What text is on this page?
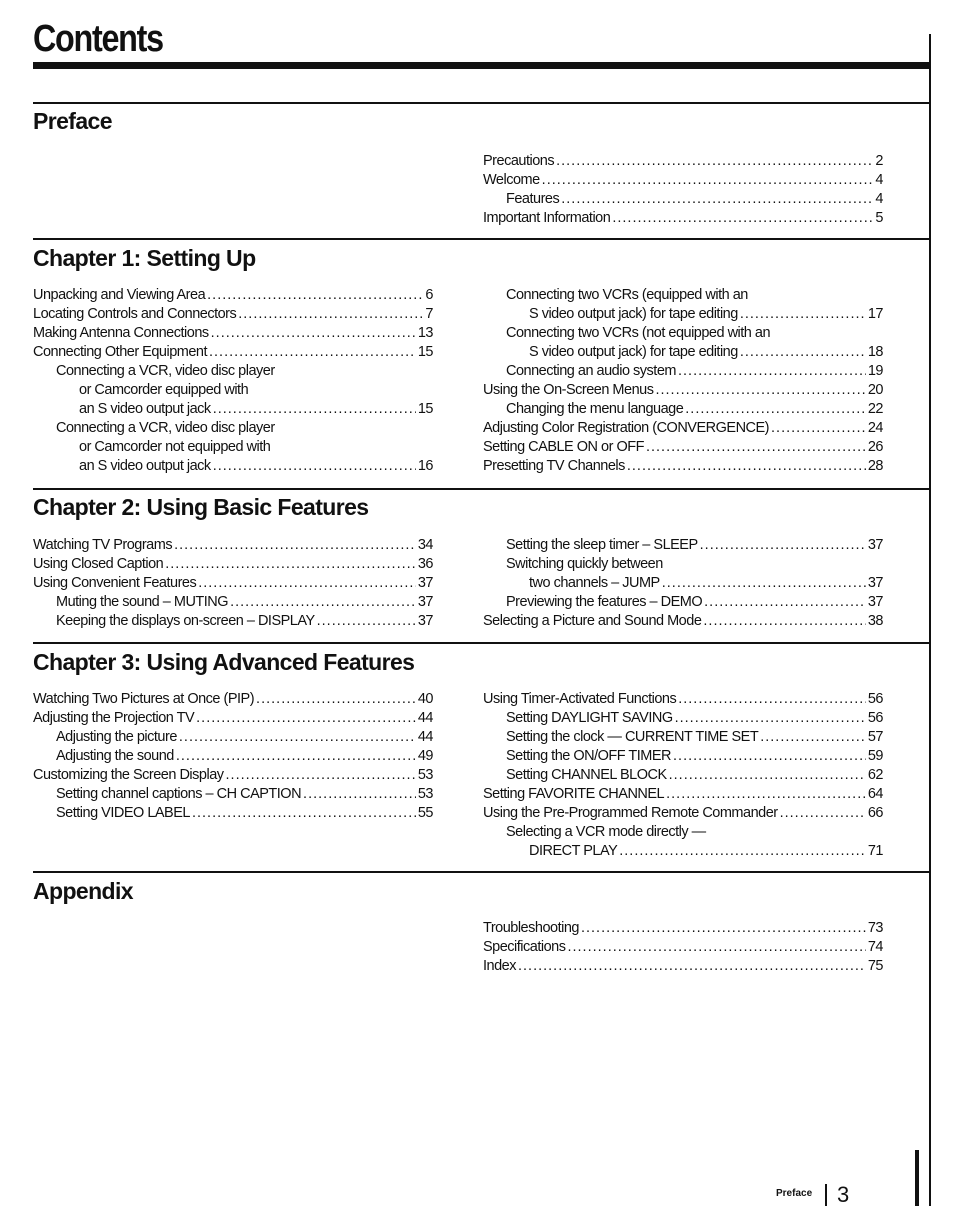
Contents
Preface
Precautions .....	2
Welcome .....	4
Features .....	4
Important Information .....	5
Chapter 1: Setting Up
Unpacking and Viewing Area .....	6
Locating Controls and Connectors .....	7
Making Antenna Connections .....	13
Connecting Other Equipment .....	15
Connecting a VCR, video disc player
or Camcorder equipped with
an S video output jack .....	15
Connecting a VCR, video disc player
or Camcorder not equipped with
an S video output jack .....	16
Connecting two VCRs (equipped with an
S video output jack) for tape editing .....	17
Connecting two VCRs (not equipped with an
S video output jack) for tape editing .....	18
Connecting an audio system .....	19
Using the On-Screen Menus .....	20
Changing the menu language .....	22
Adjusting Color Registration (CONVERGENCE) .....	24
Setting CABLE ON or OFF .....	26
Presetting TV Channels .....	28
Chapter 2: Using Basic Features
Watching TV Programs .....	34
Using Closed Caption .....	36
Using Convenient Features .....	37
Muting the sound – MUTING .....	37
Keeping the displays on-screen – DISPLAY .....	37
Setting the sleep timer – SLEEP .....	37
Switching quickly between
two channels – JUMP .....	37
Previewing the features – DEMO .....	37
Selecting a Picture and Sound Mode .....	38
Chapter 3: Using Advanced Features
Watching Two Pictures at Once (PIP) .....	40
Adjusting the Projection TV .....	44
Adjusting the picture .....	44
Adjusting the sound .....	49
Customizing the Screen Display .....	53
Setting channel captions – CH CAPTION .....	53
Setting VIDEO LABEL .....	55
Using Timer-Activated Functions .....	56
Setting DAYLIGHT SAVING .....	56
Setting the clock — CURRENT TIME SET .....	57
Setting the ON/OFF TIMER .....	59
Setting CHANNEL BLOCK .....	62
Setting FAVORITE CHANNEL .....	64
Using the Pre-Programmed Remote Commander .....	66
Selecting a VCR mode directly —
DIRECT PLAY .....	71
Appendix
Troubleshooting .....	73
Specifications .....	74
Index .....	75
Preface 3
